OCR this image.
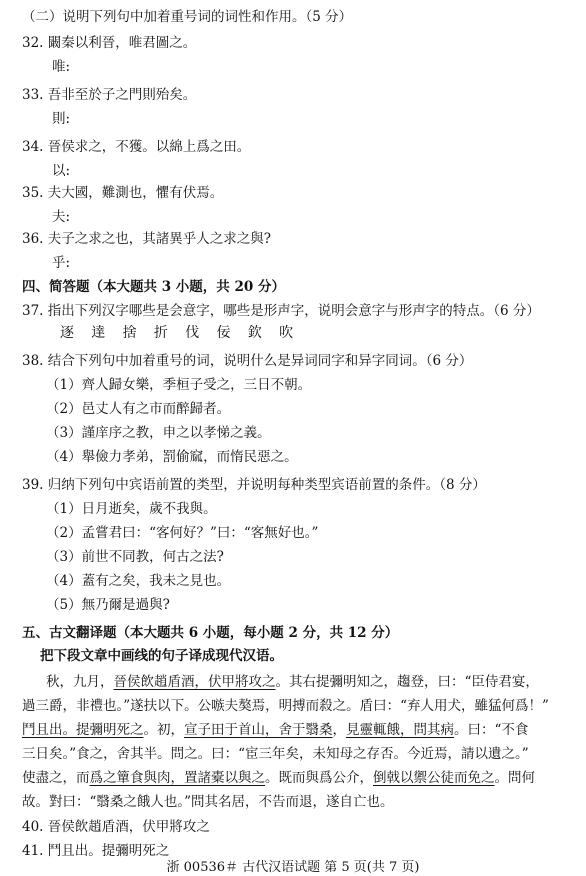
（二）说明下列句中加着重号词的词性和作用。（5 分）
32. 闞秦以利晉，唯君圖之。
唯:
33. 吾非至於子之門則殆矣。
則:
34. 晉侯求之，不獲。以綿上爲之田。
以:
35. 夫大國，難測也，懼有伏焉。
夫:
36. 夫子之求之也，其諸異乎人之求之與?
乎:
四、简答题（本大题共 3 小题，共 20 分）
37. 指出下列汉字哪些是会意字，哪些是形声字，说明会意字与形声字的特点。（6 分）
逐 達 捨 折 伐 佞 欽 吹
38. 结合下列句中加着重号的词，说明什么是异词同字和异字同词。（6 分）
（1）齊人歸女樂，季桓子受之，三日不朝。
（2）邑丈人有之市而醉歸者。
（3）謹庠序之教，申之以孝悌之義。
（4）舉儉力孝弟，罰偷窳，而惰民惡之。
39. 归纳下列句中宾语前置的类型，并说明每种类型宾语前置的条件。（8 分）
（1）日月逝矣，歲不我與。
（2）孟嘗君曰：“客何好？”曰：“客無好也。”
（3）前世不同教，何古之法?
（4）蓋有之矣，我未之見也。
（5）無乃爾是過與?
五、古文翻译题（本大题共 6 小题，每小题 2 分，共 12 分）
把下段文章中画线的句子译成现代汉语。
秋，九月，晉侯飲趙盾酒，伏甲將攻之。其右提彌明知之，趨登，曰：“臣侍君宴，
過三爵，非禮也。”遂扶以下。公嗾夫獒焉，明搏而殺之。盾曰：“弃人用犬，雖猛何爲！”
鬥且出。提彌明死之。初，宣子田于首山，舍于翳桑，見靈輒餓，問其病。曰：“不食
三日矣。”食之，舍其半。問之。曰：“宦三年矣，未知母之存否。今近焉，請以遺之。”
使盡之，而爲之簞食與肉，置諸橐以與之。既而與爲公介，倒戟以禦公徒而免之。問何
故。對曰：“翳桑之餓人也。”問其名居，不告而退，遂自亡也。
40. 晉侯飲趙盾酒，伏甲將攻之
41. 鬥且出。提彌明死之
浙 00536＃ 古代汉语试题 第 5 页(共 7 页)
